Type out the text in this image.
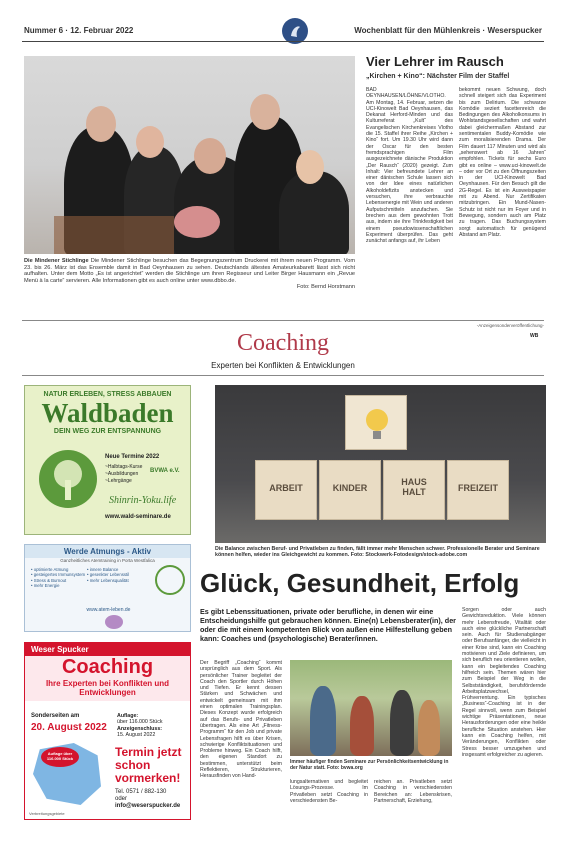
Nummer 6 · 12. Februar 2022	Wochenblatt für den Mühlenkreis · Weserspucker
Die Mindener Stichlinge Die Mindener Stichlinge besuchen das Begegnungszentrum Druckerei mit ihrem neuen Programm. Vom 23. bis 26. März ist das Ensemble damit in Bad Oeynhausen zu sehen. Deutschlands ältestes Amateurkabarett lässt sich nicht aufhalten. Unter dem Motto „Es ist angerichtet“ werden die Stichlinge um ihren Regisseur und Leiter Birger Hausmann ein „Revue Menü à la carte“ servieren. Alle Informationen gibt es auch online unter www.dbbo.de.
Foto: Bernd Horstmann
Vier Lehrer im Rausch
„Kirchen + Kino“: Nächster Film der Staffel
BAD OEYNHAUSEN/LÖHNE/VLOTHO. Am Montag, 14. Februar, setzen die UCI-Kinowelt Bad Oeynhausen, das Dekanat Herford-Minden und das Kulturreferat „Kult“ des Evangelischen Kirchenkreises Vlotho die 15. Staffel ihrer Reihe „Kirchen + Kino“ fort. Um 19.30 Uhr wird dann der Oscar für den besten fremdsprachigen Film ausgezeichnete dänische Produktion „Der Rausch“ (2020) gezeigt. Zum Inhalt: Vier befreundete Lehrer an einer dänischen Schule lassen sich von der Idee eines natürlichen Alkoholdefizits anstecken und versuchen, ihre verbrauchte Lebensenergie mit Wein und anderen Aufputschmitteln anzufachen. Sie brechen aus dem gewohnten Trott aus, indem sie ihre Trinkfestigkeit bei einem pseudowissenschaftlichen Experiment überprüfen. Das geht zunächst anfangs auf, ihr Leben
bekommt neuen Schwung, doch schnell steigert sich das Experiment bis zum Delirium. Die schwarze Komödie seziert facettenreich die Bedingungen des Alkoholkonsums in Wohlstandsgesellschaften und wahrt dabei gleichermaßen Abstand zur sentimentalen Buddy-Komödie wie zum moralisierenden Drama. Der Film dauert 117 Minuten und wird als „sehenswert ab 16 Jahren“ empfohlen. Tickets für sechs Euro gibt es online – www.uci-kinowelt.de – oder vor Ort zu den Öffnungszeiten in der UCI-Kinowelt Bad Oeynhausen. Für den Besuch gilt die 2G-Regel. Es ist ein Ausweispapier mit zu Abend. Nur Zertifikaten mitzubringen. Ein Mund-Nasen-Schutz ist nicht nur im Foyer und in Bewegung, sondern auch am Platz zu tragen. Das Buchungssystem sorgt automatisch für genügend Abstand am Platz.
WB
-Anzeigensonderveröffentlichung-
Coaching
Experten bei Konflikten & Entwicklungen
NATUR ERLEBEN, STRESS ABBAUEN
Waldbaden
DEIN WEG ZUR ENTSPANNUNG
Neue Termine 2022
~Halbtags-Kurse
~Ausbildungen
~Lehrgänge
BVWA e.V.
Shinrin-Yoku.life
www.wald-seminare.de
Werde Atmungs - Aktiv
Ganzheitliches Atemtraining in Porta Westfalica
• optimierte Atmung
• gesteigertes Immunsystem
• Stress & Burnout
• mehr Energie
• innere Balance
• gesenkter Lebensstil
• mehr Lebensqualität
www.atem-leben.de
Weser Spucker
Coaching
Ihre Experten bei Konflikten und Entwicklungen
Sonderseiten am
20. August 2022
Auflage:
über 116.000 Stück
Anzeigenschluss:
15. August 2022
Auflage über 116.000 Stück	Termin jetzt schon vormerken!
Tel. 0571 / 882-130
oder
info@weserspucker.de
Verbreitungsgebiete
ARBEIT	KINDER
HAUS HALT	FREIZEIT
Die Balance zwischen Beruf- und Privatleben zu finden, fällt immer mehr Menschen schwer. Professionelle Berater und Seminare können helfen, wieder ins Gleichgewicht zu kommen. Foto: Stockwerk-Fotodesign/stock-adobe.com
Glück, Gesundheit, Erfolg
Es gibt Lebenssituationen, private oder berufliche, in denen wir eine Entscheidungshilfe gut gebrauchen können. Eine(n) Lebensberater(in), der oder die mit einem kompetenten Blick von außen eine Hilfestellung geben kann: Coaches und (psychologische) Berater/innen.
Der Begriff „Coaching“ kommt ursprünglich aus dem Sport. Als persönlicher Trainer begleitet der Coach den Sportler durch Höhen und Tiefen. Er kennt dessen Stärken und Schwächen und entwickelt gemeinsam mit ihm einen optimalen Trainingsplan. Dieses Konzept wurde erfolgreich auf das Berufs- und Privatleben übertragen. Als eine Art „Fitness-Programm“ für den Job und private Lebensfragen hilft es über Krisen, schwierige Konfliktsituationen und Probleme hinweg. Ein Coach hilft, den eigenen Standort zu bestimmen, unterstützt beim Reflektieren, Strukturieren, Herausfinden von Hand-
Immer häufiger finden Seminare zur Persönlichkeitsentwicklung in der Natur statt. Foto: bvwa.org
lungsalternativen und begleitet Lösungs-Prozesse. Im Privatleben setzt Coaching in verschiedensten Be-
reichen an. Privatleben setzt Coaching in verschiedensten Bereichen an: Lebenskrisen, Partnerschaft, Erziehung,
Sorgen oder auch Gewichtsreduktion. Viele können mehr Lebensfreude, Vitalität oder auch eine glückliche Partnerschaft sein. Auch für Studienabgänger oder Berufsanfänger, die vielleicht in einer Krise sind, kann ein Coaching motivieren und Ziele definieren, um sich beruflich neu orientieren wollen, kann ein begleitendes Coaching hilfreich sein. Themen wären hier zum Beispiel der Weg in die Selbstständigkeit, berufsfördernde Arbeitsplatzwechsel, Frühverrentung. Ein typisches „Business“-Coaching ist in der Regel sinnvoll, wenn zum Beispiel wichtige Präsentationen, neue Herausforderungen oder eine heikle berufliche Situation anstehen. Hier kann ein Coaching helfen, mit Veränderungen, Konflikten oder Stress besser umzugehen und insgesamt erfolgreicher zu agieren.
